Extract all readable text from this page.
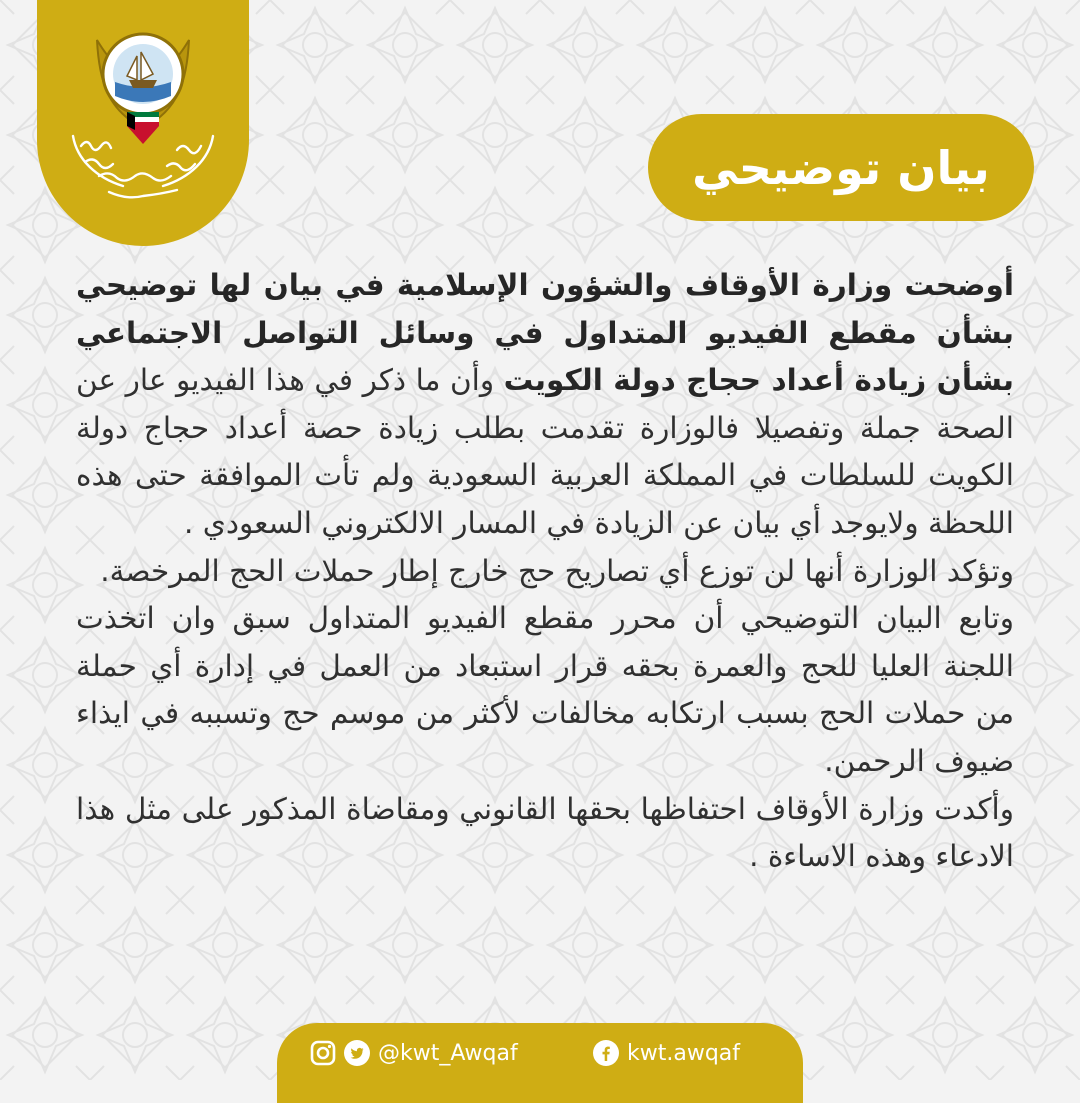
بيان توضيحي

أوضحت وزارة الأوقاف والشؤون الإسلامية في بيان لها توضيحي بشأن مقطع الفيديو المتداول في وسائل التواصل الاجتماعي بشأن زيادة أعداد حجاج دولة الكويت وأن ما ذكر في هذا الفيديو عار عن الصحة جملة وتفصيلا فالوزارة تقدمت بطلب زيادة حصة أعداد حجاج دولة الكويت للسلطات في المملكة العربية السعودية ولم تأت الموافقة حتى هذه اللحظة ولايوجد أي بيان عن الزيادة في المسار الالكتروني السعودي .

وتؤكد الوزارة أنها لن توزع أي تصاريح حج خارج إطار حملات الحج المرخصة.

وتابع البيان التوضيحي أن محرر مقطع الفيديو المتداول سبق وان اتخذت اللجنة العليا للحج والعمرة بحقه قرار استبعاد من العمل في إدارة أي حملة من حملات الحج بسبب ارتكابه مخالفات لأكثر من موسم حج وتسببه في ايذاء ضيوف الرحمن.

وأكدت وزارة الأوقاف احتفاظها بحقها القانوني ومقاضاة المذكور على مثل هذا الادعاء وهذه الاساءة .

@kwt_Awqaf	kwt.awqaf
